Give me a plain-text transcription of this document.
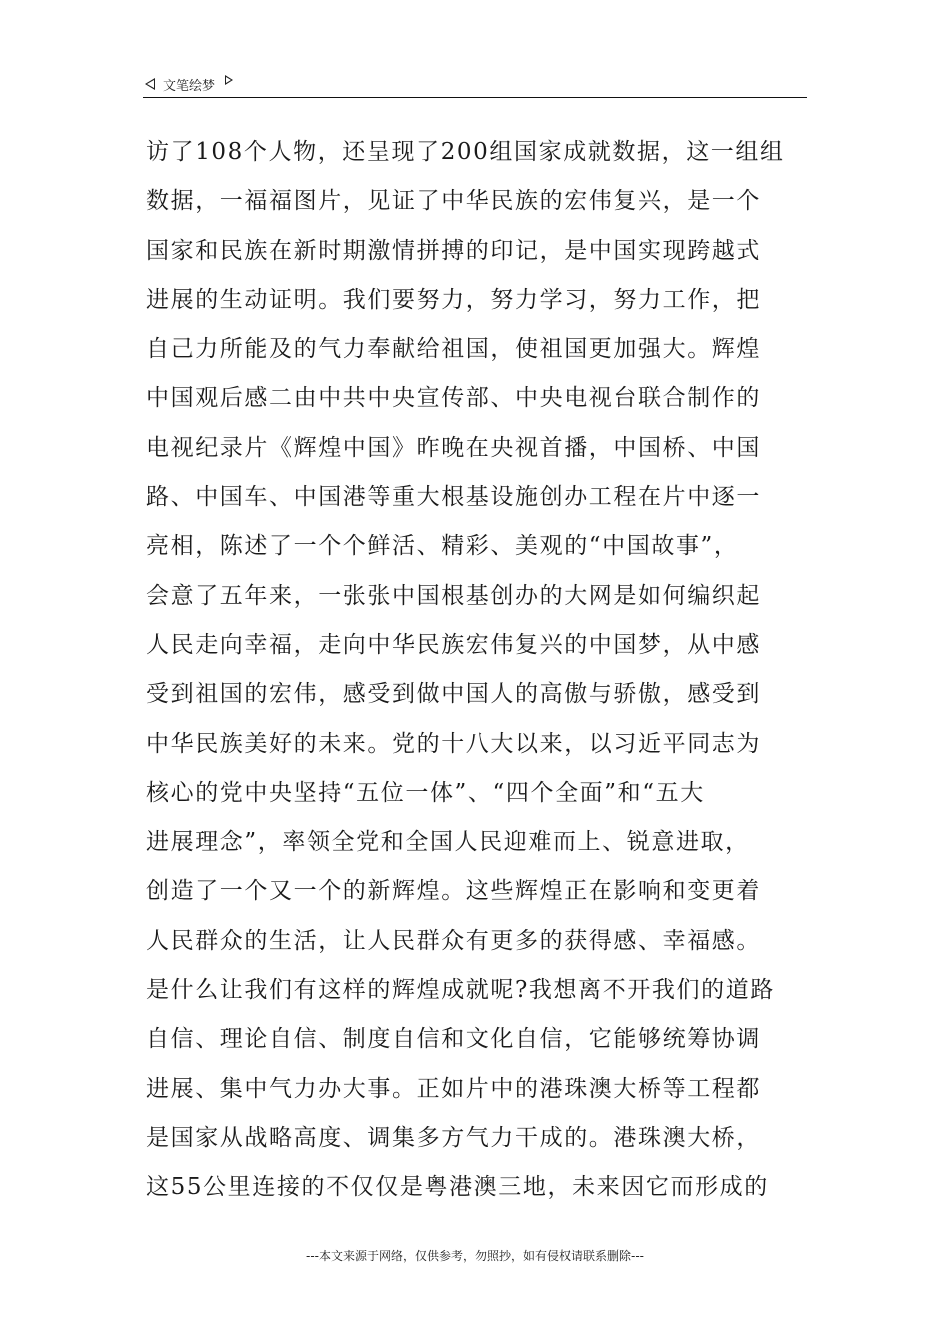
文笔绘梦
访了108个人物，还呈现了200组国家成就数据，这一组组
数据，一福福图片，见证了中华民族的宏伟复兴，是一个
国家和民族在新时期激情拼搏的印记，是中国实现跨越式
进展的生动证明。我们要努力，努力学习，努力工作，把
自己力所能及的气力奉献给祖国，使祖国更加强大。辉煌
中国观后感二由中共中央宣传部、中央电视台联合制作的
电视纪录片《辉煌中国》昨晚在央视首播，中国桥、中国
路、中国车、中国港等重大根基设施创办工程在片中逐一
亮相，陈述了一个个鲜活、精彩、美观的“中国故事”，
会意了五年来，一张张中国根基创办的大网是如何编织起
人民走向幸福，走向中华民族宏伟复兴的中国梦，从中感
受到祖国的宏伟，感受到做中国人的高傲与骄傲，感受到
中华民族美好的未来。党的十八大以来，以习近平同志为
核心的党中央坚持“五位一体”、“四个全面”和“五大
进展理念”，率领全党和全国人民迎难而上、锐意进取，
创造了一个又一个的新辉煌。这些辉煌正在影响和变更着
人民群众的生活，让人民群众有更多的获得感、幸福感。
是什么让我们有这样的辉煌成就呢?我想离不开我们的道路
自信、理论自信、制度自信和文化自信，它能够统筹协调
进展、集中气力办大事。正如片中的港珠澳大桥等工程都
是国家从战略高度、调集多方气力干成的。港珠澳大桥，
这55公里连接的不仅仅是粤港澳三地，未来因它而形成的
---本文来源于网络，仅供参考，勿照抄，如有侵权请联系删除---
